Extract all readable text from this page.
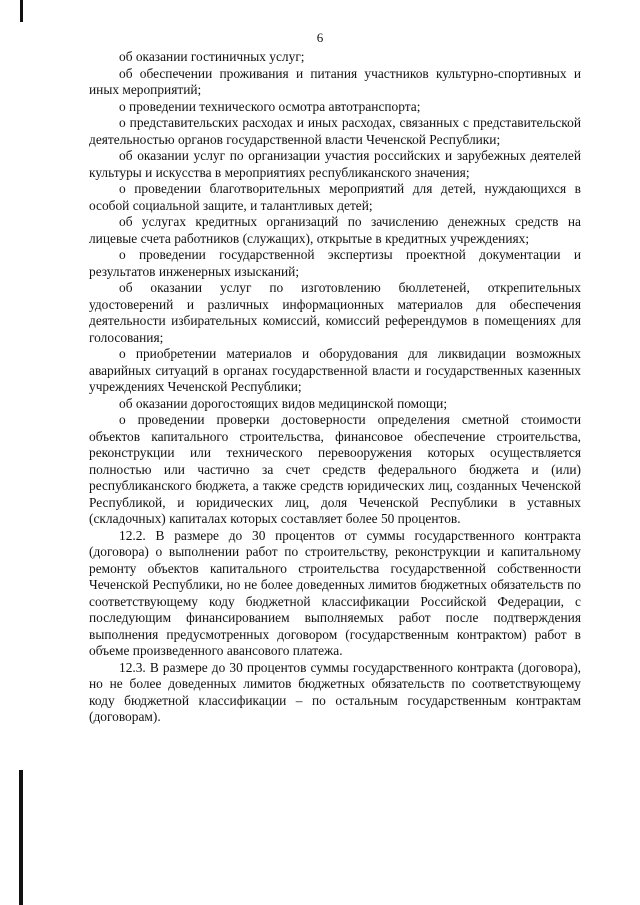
6

об оказании гостиничных услуг;

об обеспечении проживания и питания участников культурно-спортивных и иных мероприятий;

о проведении технического осмотра автотранспорта;

о представительских расходах и иных расходах, связанных с представительской деятельностью органов государственной власти Чеченской Республики;

об оказании услуг по организации участия российских и зарубежных деятелей культуры и искусства в мероприятиях республиканского значения;

о проведении благотворительных мероприятий для детей, нуждающихся в особой социальной защите, и талантливых детей;

об услугах кредитных организаций по зачислению денежных средств на лицевые счета работников (служащих), открытые в кредитных учреждениях;

о проведении государственной экспертизы проектной документации и результатов инженерных изысканий;

об оказании услуг по изготовлению бюллетеней, открепительных удостоверений и различных информационных материалов для обеспечения деятельности избирательных комиссий, комиссий референдумов в помещениях для голосования;

о приобретении материалов и оборудования для ликвидации возможных аварийных ситуаций в органах государственной власти и государственных казенных учреждениях Чеченской Республики;

об оказании дорогостоящих видов медицинской помощи;

о проведении проверки достоверности определения сметной стоимости объектов капитального строительства, финансовое обеспечение строительства, реконструкции или технического перевооружения которых осуществляется полностью или частично за счет средств федерального бюджета и (или) республиканского бюджета, а также средств юридических лиц, созданных Чеченской Республикой, и юридических лиц, доля Чеченской Республики в уставных (складочных) капиталах которых составляет более 50 процентов.

12.2. В размере до 30 процентов от суммы государственного контракта (договора) о выполнении работ по строительству, реконструкции и капитальному ремонту объектов капитального строительства государственной собственности Чеченской Республики, но не более доведенных лимитов бюджетных обязательств по соответствующему коду бюджетной классификации Российской Федерации, с последующим финансированием выполняемых работ после подтверждения выполнения предусмотренных договором (государственным контрактом) работ в объеме произведенного авансового платежа.

12.3. В размере до 30 процентов суммы государственного контракта (договора), но не более доведенных лимитов бюджетных обязательств по соответствующему коду бюджетной классификации – по остальным государственным контрактам (договорам).
